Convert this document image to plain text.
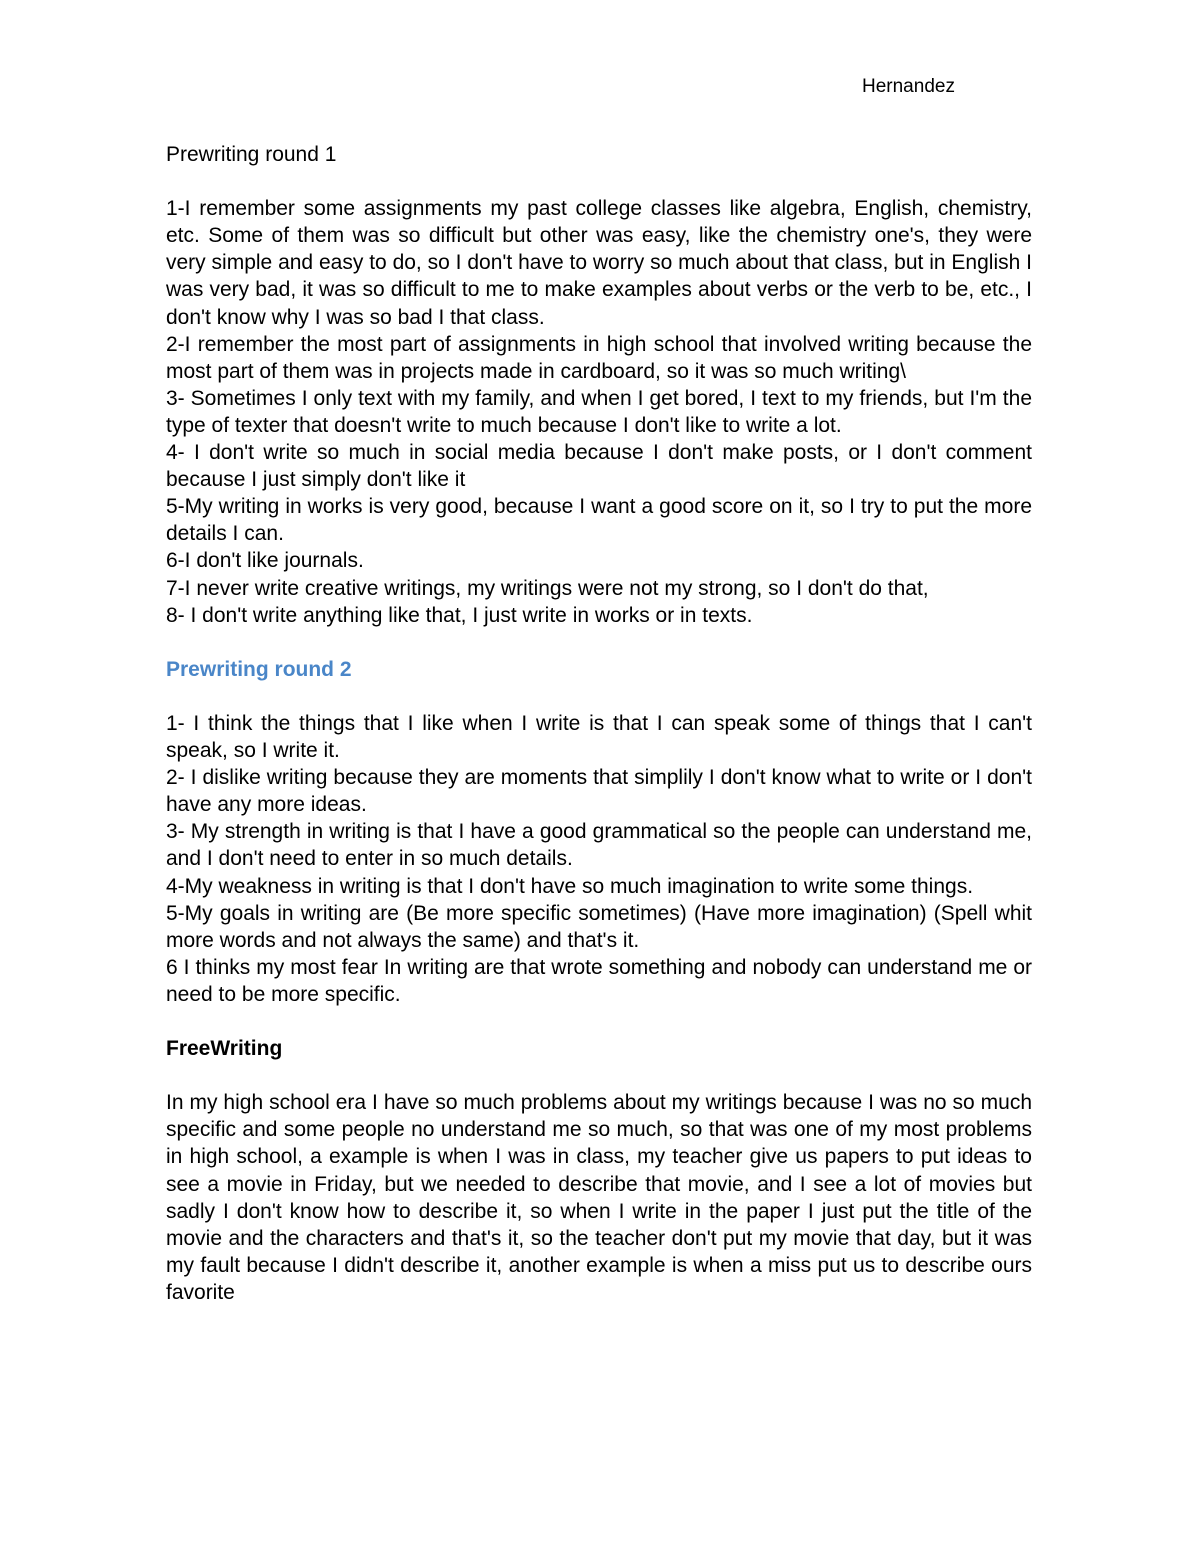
Hernandez
Prewriting round 1

1-I remember some assignments my past college classes like algebra, English, chemistry, etc. Some of them was so difficult but other was easy, like the chemistry one's, they were very simple and easy to do, so I don't have to worry so much about that class, but in English I was very bad, it was so difficult to me to make examples about verbs or the verb to be, etc., I don't know why I was so bad I that class.

2-I remember the most part of assignments in high school that involved writing because the most part of them was in projects made in cardboard, so it was so much writing\

3- Sometimes I only text with my family, and when I get bored, I text to my friends, but I'm the type of texter that doesn't write to much because I don't like to write a lot.

4- I don't write so much in social media because I don't make posts, or I don't comment because I just simply don't like it

5-My writing in works is very good, because I want a good score on it, so I try to put the more details I can.

6-I don't like journals.

7-I never write creative writings, my writings were not my strong, so I don't do that,

8- I don't write anything like that, I just write in works or in texts.

Prewriting round 2

1- I think the things that I like when I write is that I can speak some of things that I can't speak, so I write it.

2- I dislike writing because they are moments that simplily I don't know what to write or I don't have any more ideas.

3- My strength in writing is that I have a good grammatical so the people can understand me, and I don't need to enter in so much details.

4-My weakness in writing is that I don't have so much imagination to write some things.

5-My goals in writing are (Be more specific sometimes) (Have more imagination) (Spell whit more words and not always the same) and that's it.

6 I thinks my most fear In writing are that wrote something and nobody can understand me or need to be more specific.

FreeWriting

In my high school era I have so much problems about my writings because I was no so much specific and some people no understand me so much, so that was one of my most problems in high school, a example is when I was in class, my teacher give us papers to put ideas to see a movie in Friday, but we needed to describe that movie, and I see a lot of movies but sadly I don't know how to describe it, so when I write in the paper I just put the title of the movie and the characters and that's it, so the teacher don't put my movie that day, but it was my fault because I didn't describe it, another example is when a miss put us to describe ours favorite
